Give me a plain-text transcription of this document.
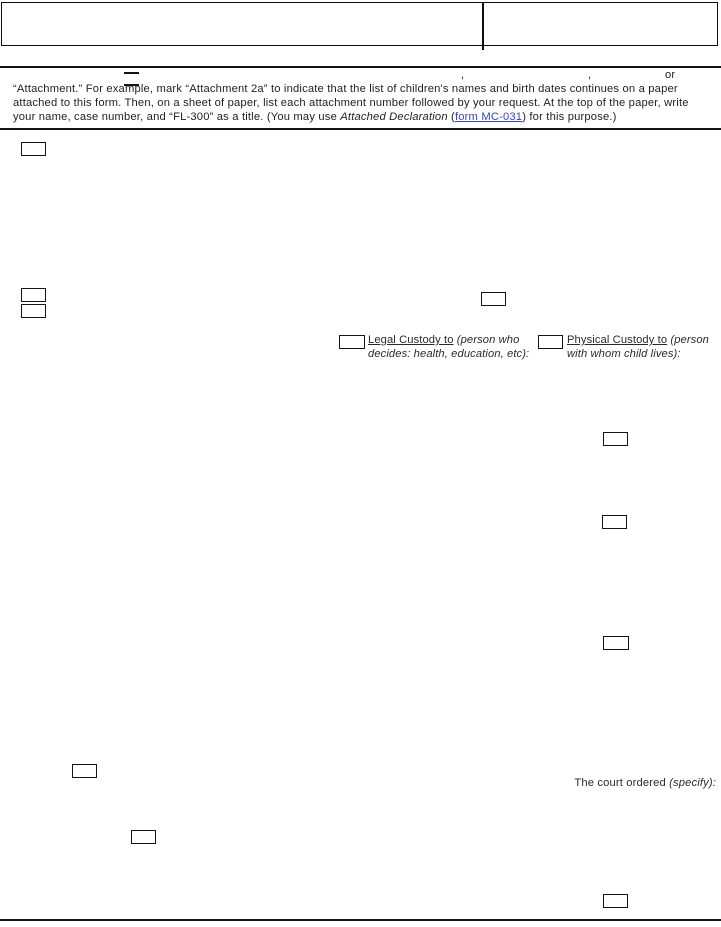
,	,	or
“Attachment.” For example, mark “Attachment 2a” to indicate that the list of children's names and birth dates continues on a paper
attached to this form. Then, on a sheet of paper, list each attachment number followed by your request. At the top of the paper, write
your name, case number, and “FL-300” as a title. (You may use Attached Declaration (form MC-031) for this purpose.)
Legal Custody to (person who
decides: health, education, etc):
Physical Custody to (person
with whom child lives):
The court ordered (specify):
